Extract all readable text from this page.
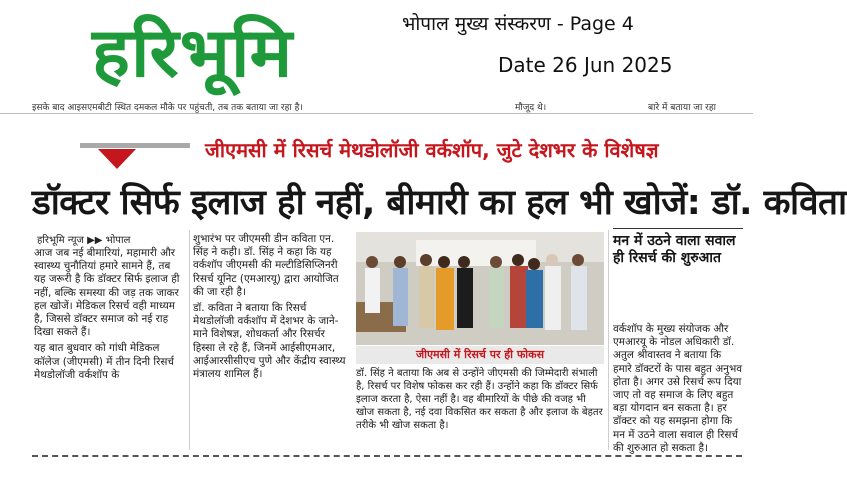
हरिभूमि	भोपाल मुख्य संस्करण - Page 4
Date 26 Jun 2025
इसके बाद आइसएमबीटी स्थित दमकल मौके पर पहुंचती, तब तक बताया जा रहा है।	मौजूद थे।	बारे में बताया जा रहा
जीएमसी में रिसर्च मेथडोलॉजी वर्कशॉप, जुटे देशभर के विशेषज्ञ
डॉक्टर सिर्फ इलाज ही नहीं, बीमारी का हल भी खोजें: डॉ. कविता
हरिभूमि न्यूज ▶▶ भोपाल

आज जब नई बीमारियां, महामारी और स्वास्थ्य चुनौतियां हमारे सामने हैं, तब यह जरूरी है कि डॉक्टर सिर्फ इलाज ही नहीं, बल्कि समस्या की जड़ तक जाकर हल खोजें। मेडिकल रिसर्च वही माध्यम है, जिससे डॉक्टर समाज को नई राह दिखा सकते हैं।

यह बात बुधवार को गांधी मेडिकल कॉलेज (जीएमसी) में तीन दिनी रिसर्च मेथडोलॉजी वर्कशॉप के

शुभारंभ पर जीएमसी डीन कविता एन. सिंह ने कही। डॉ. सिंह ने कहा कि यह वर्कशॉप जीएमसी की मल्टीडिसिप्लिनरी रिसर्च यूनिट (एमआरयू) द्वारा आयोजित की जा रही है।

डॉ. कविता ने बताया कि रिसर्च मेथडोलॉजी वर्कशॉप में देशभर के जाने-माने विशेषज्ञ, शोधकर्ता और रिसर्चर हिस्सा ले रहे हैं, जिनमें आईसीएमआर, आईआरसीसीएच पुणे और केंद्रीय स्वास्थ्य मंत्रालय शामिल हैं।

जीएमसी में रिसर्च पर ही फोकस
डॉ. सिंह ने बताया कि अब से उन्होंने जीएमसी की जिम्मेदारी संभाली है, रिसर्च पर विशेष फोकस कर रही हैं। उन्होंने कहा कि डॉक्टर सिर्फ इलाज करता है, ऐसा नहीं है। वह बीमारियों के पीछे की वजह भी खोज सकता है, नई दवा विकसित कर सकता है और इलाज के बेहतर तरीके भी खोज सकता है।
मन में उठने वाला सवाल ही रिसर्च की शुरुआत

वर्कशॉप के मुख्य संयोजक और एमआरयू के नोडल अधिकारी डॉ. अतुल श्रीवास्तव ने बताया कि हमारे डॉक्टरों के पास बहुत अनुभव होता है। अगर उसे रिसर्च रूप दिया जाए तो वह समाज के लिए बहुत बड़ा योगदान बन सकता है। हर डॉक्टर को यह समझना होगा कि मन में उठने वाला सवाल ही रिसर्च की शुरुआत हो सकता है।
